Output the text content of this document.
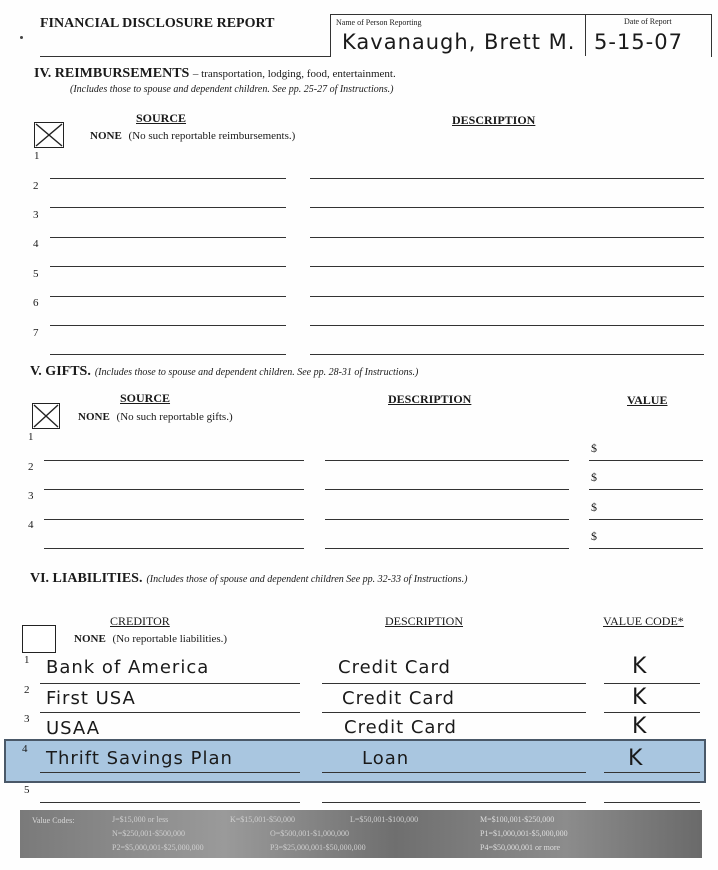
FINANCIAL DISCLOSURE REPORT	Name of Person Reporting
Kavanaugh, Brett M.
Date of Report
5-15-07
IV. REIMBURSEMENTS – transportation, lodging, food, entertainment.
(Includes those to spouse and dependent children. See pp. 25-27 of Instructions.)
SOURCE	DESCRIPTION
NONE (No such reportable reimbursements.)
1
2
3
4
5
6
7
V. GIFTS. (Includes those to spouse and dependent children. See pp. 28-31 of Instructions.)
SOURCE	DESCRIPTION	VALUE
NONE (No such reportable gifts.)
1
$
2
$
3
$
4
$
VI. LIABILITIES. (Includes those of spouse and dependent children See pp. 32-33 of Instructions.)
CREDITOR	DESCRIPTION	VALUE CODE*
NONE (No reportable liabilities.)
1 Bank of America	Credit Card	K
2 First USA	Credit Card	K
3 USAA	Credit Card	K
4 Thrift Savings Plan	Loan	K
5
Value Codes:	J=$15,000 or less	K=$15,001-$50,000	L=$50,001-$100,000	M=$100,001-$250,000
N=$250,001-$500,000	O=$500,001-$1,000,000	P1=$1,000,001-$5,000,000
P2=$5,000,001-$25,000,000	P3=$25,000,001-$50,000,000	P4=$50,000,001 or more
